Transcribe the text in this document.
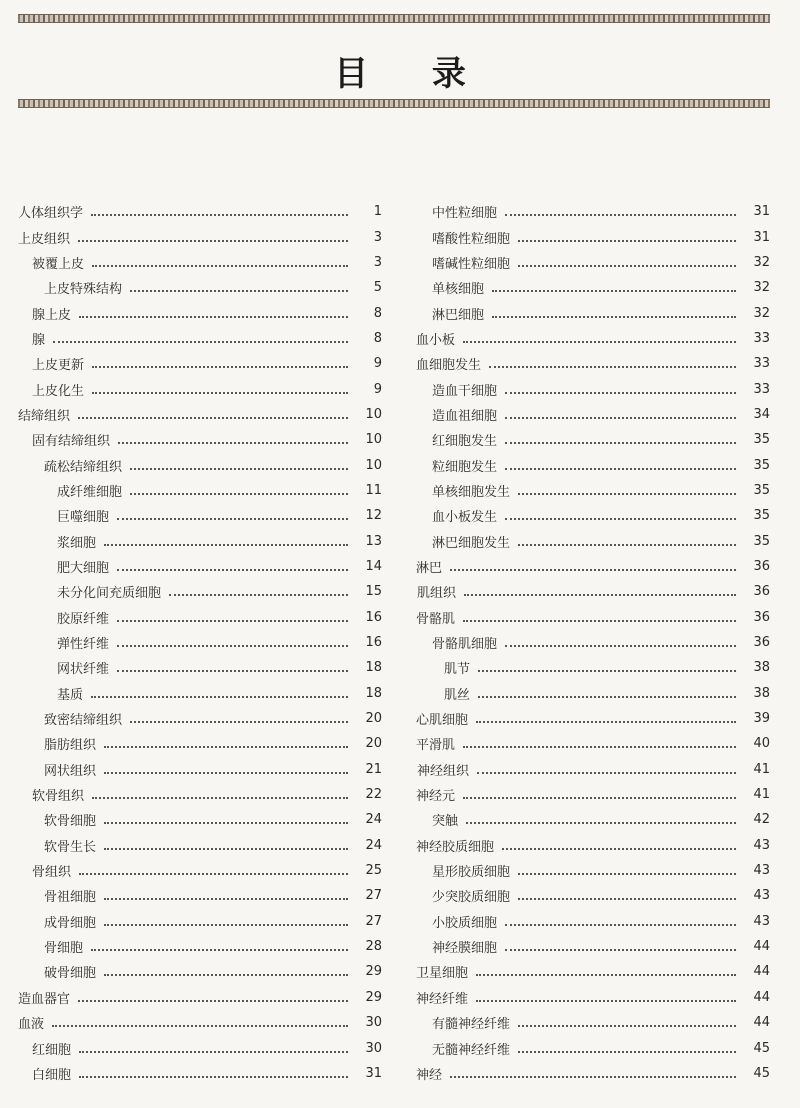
目 录
人体组织学	1
上皮组织	3
被覆上皮	3
上皮特殊结构	5
腺上皮	8
腺	8
上皮更新	9
上皮化生	9
结缔组织	10
固有结缔组织	10
疏松结缔组织	10
成纤维细胞	11
巨噬细胞	12
浆细胞	13
肥大细胞	14
未分化间充质细胞	15
胶原纤维	16
弹性纤维	16
网状纤维	18
基质	18
致密结缔组织	20
脂肪组织	20
网状组织	21
软骨组织	22
软骨细胞	24
软骨生长	24
骨组织	25
骨祖细胞	27
成骨细胞	27
骨细胞	28
破骨细胞	29
造血器官	29
血液	30
红细胞	30
白细胞	31
中性粒细胞	31
嗜酸性粒细胞	31
嗜碱性粒细胞	32
单核细胞	32
淋巴细胞	32
血小板	33
血细胞发生	33
造血干细胞	33
造血祖细胞	34
红细胞发生	35
粒细胞发生	35
单核细胞发生	35
血小板发生	35
淋巴细胞发生	35
淋巴	36
肌组织	36
骨骼肌	36
骨骼肌细胞	36
肌节	38
肌丝	38
心肌细胞	39
平滑肌	40
神经组织	41
神经元	41
突触	42
神经胶质细胞	43
星形胶质细胞	43
少突胶质细胞	43
小胶质细胞	43
神经膜细胞	44
卫星细胞	44
神经纤维	44
有髓神经纤维	44
无髓神经纤维	45
神经	45
